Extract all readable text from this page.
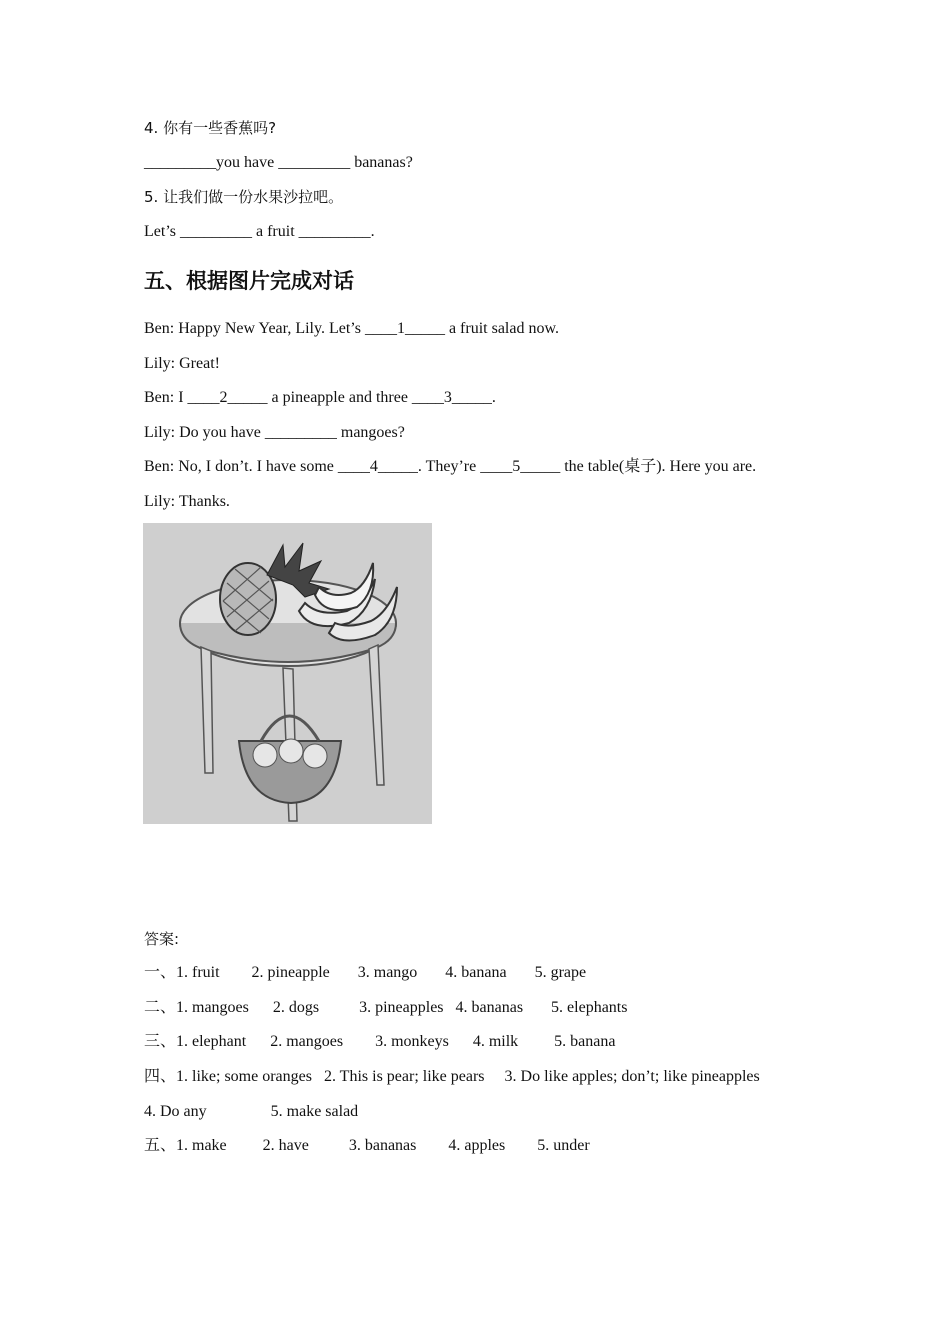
4. 你有一些香蕉吗?
_________you have _________ bananas?
5. 让我们做一份水果沙拉吧。
Let’s _________ a fruit _________.
五、根据图片完成对话
Ben: Happy New Year, Lily. Let’s ____1_____ a fruit salad now.
Lily: Great!
Ben: I ____2_____ a pineapple and three ____3_____.
Lily: Do you have _________ mangoes?
Ben: No, I don’t. I have some ____4_____. They’re ____5_____ the table(桌子). Here you are.
Lily: Thanks.
答案:
一、1. fruit        2. pineapple       3. mango       4. banana       5. grape
二、1. mangoes      2. dogs          3. pineapples   4. bananas       5. elephants
三、1. elephant      2. mangoes        3. monkeys      4. milk         5. banana
四、1. like; some oranges   2. This is pear; like pears     3. Do like apples; don’t; like pineapples
4. Do any                5. make salad
五、1. make         2. have          3. bananas        4. apples        5. under
